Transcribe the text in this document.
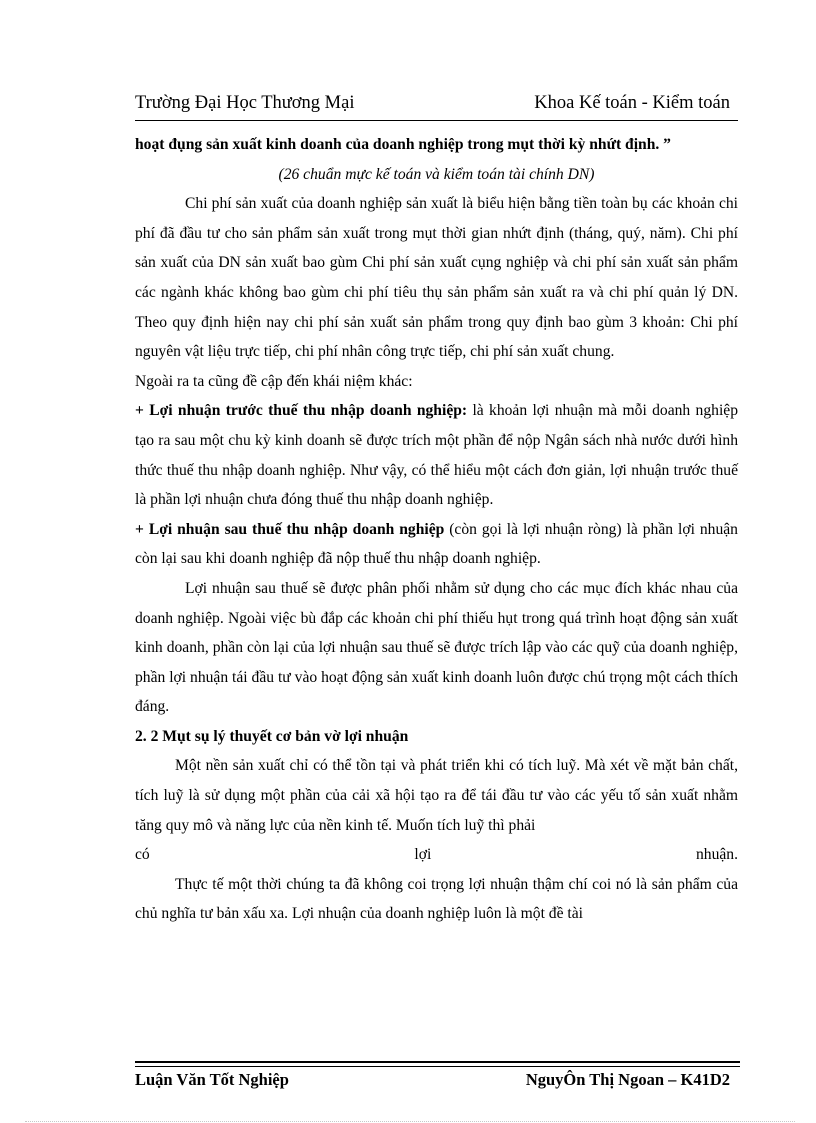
Trường Đại Học Thương Mại	Khoa Kế toán - Kiểm toán

hoạt đụng sản xuất kinh doanh của doanh nghiệp trong mụt thời kỳ nhứt định. ”

(26 chuẩn mực kế toán và kiểm toán tài chính DN)

Chi phí sản xuất của doanh nghiệp sản xuất là biểu hiện bằng tiền toàn bụ các khoản chi phí đã đầu tư cho sản phẩm sản xuất trong mụt thời gian nhứt định (tháng, quý, năm). Chi phí sản xuất của DN sản xuất bao gùm Chi phí sản xuất cụng nghiệp và chi phí sản xuất sản phẩm các ngành khác không bao gùm chi phí tiêu thụ sản phẩm sản xuất ra và chi phí quản lý DN. Theo quy định hiện nay chi phí sản xuất sản phẩm trong quy định bao gùm 3 khoản: Chi phí nguyên vật liệu trực tiếp, chi phí nhân công trực tiếp, chi phí sản xuất chung.

Ngoài ra ta cũng đề cập đến khái niệm khác:

+ Lợi nhuận trước thuế thu nhập doanh nghiệp: là khoản lợi nhuận mà mỗi doanh nghiệp tạo ra sau một chu kỳ kinh doanh sẽ được trích một phần để nộp Ngân sách nhà nước dưới hình thức thuế thu nhập doanh nghiệp. Như vậy, có thể hiểu một cách đơn giản, lợi nhuận trước thuế là phần lợi nhuận chưa đóng thuế thu nhập doanh nghiệp.

+ Lợi nhuận sau thuế thu nhập doanh nghiệp (còn gọi là lợi nhuận ròng) là phần lợi nhuận còn lại sau khi doanh nghiệp đã nộp thuế thu nhập doanh nghiệp.

Lợi nhuận sau thuế sẽ được phân phối nhằm sử dụng cho các mục đích khác nhau của doanh nghiệp. Ngoài việc bù đắp các khoản chi phí thiếu hụt trong quá trình hoạt động sản xuất kinh doanh, phần còn lại của lợi nhuận sau thuế sẽ được trích lập vào các quỹ của doanh nghiệp, phần lợi nhuận tái đầu tư vào hoạt động sản xuất kinh doanh luôn được chú trọng một cách thích đáng.

2. 2 Mụt sụ lý thuyết cơ bản vờ lợi nhuận

Một nền sản xuất chỉ có thể tồn tại và phát triển khi có tích luỹ. Mà xét về mặt bản chất, tích luỹ là sử dụng một phần của cải xã hội tạo ra để tái đầu tư vào các yếu tố sản xuất nhằm tăng quy mô và năng lực của nền kinh tế. Muốn tích luỹ thì phải

có lợi nhuận.

Thực tế một thời chúng ta đã không coi trọng lợi nhuận thậm chí coi nó là sản phẩm của chủ nghĩa tư bản xấu xa. Lợi nhuận của doanh nghiệp luôn là một đề tài

Luận Văn Tốt Nghiệp	NguyÔn Thị Ngoan – K41D2
